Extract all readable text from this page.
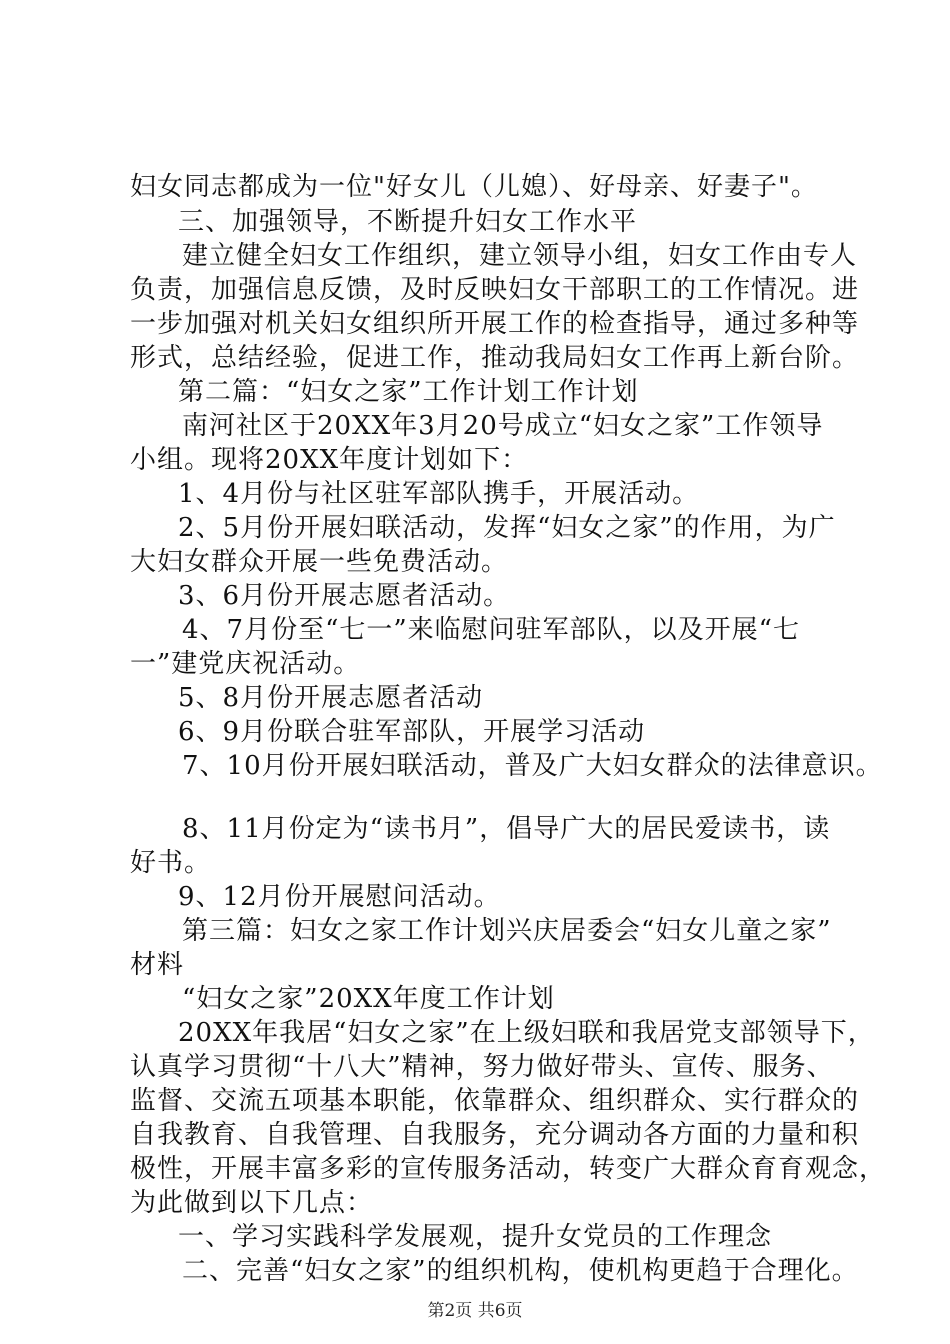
妇女同志都成为一位"好女儿（儿媳）、好母亲、好妻子"。
三、加强领导，不断提升妇女工作水平
建立健全妇女工作组织，建立领导小组，妇女工作由专人
负责，加强信息反馈，及时反映妇女干部职工的工作情况。进
一步加强对机关妇女组织所开展工作的检查指导，通过多种等
形式，总结经验，促进工作，推动我局妇女工作再上新台阶。
第二篇：“妇女之家”工作计划工作计划
南河社区于20XX年3月20号成立“妇女之家”工作领导
小组。现将20XX年度计划如下：
1、4月份与社区驻军部队携手，开展活动。
2、5月份开展妇联活动，发挥“妇女之家”的作用，为广
大妇女群众开展一些免费活动。
3、6月份开展志愿者活动。
4、7月份至“七一”来临慰问驻军部队，以及开展“七
一”建党庆祝活动。
5、8月份开展志愿者活动
6、9月份联合驻军部队，开展学习活动
7、10月份开展妇联活动，普及广大妇女群众的法律意识。
8、11月份定为“读书月”，倡导广大的居民爱读书，读
好书。
9、12月份开展慰问活动。
第三篇：妇女之家工作计划兴庆居委会“妇女儿童之家”
材料
“妇女之家”20XX年度工作计划
20XX年我居“妇女之家”在上级妇联和我居党支部领导下，
认真学习贯彻“十八大”精神，努力做好带头、宣传、服务、
监督、交流五项基本职能，依靠群众、组织群众、实行群众的
自我教育、自我管理、自我服务，充分调动各方面的力量和积
极性，开展丰富多彩的宣传服务活动，转变广大群众育育观念，
为此做到以下几点：
一、学习实践科学发展观，提升女党员的工作理念
二、完善“妇女之家”的组织机构，使机构更趋于合理化。
第2页 共6页
